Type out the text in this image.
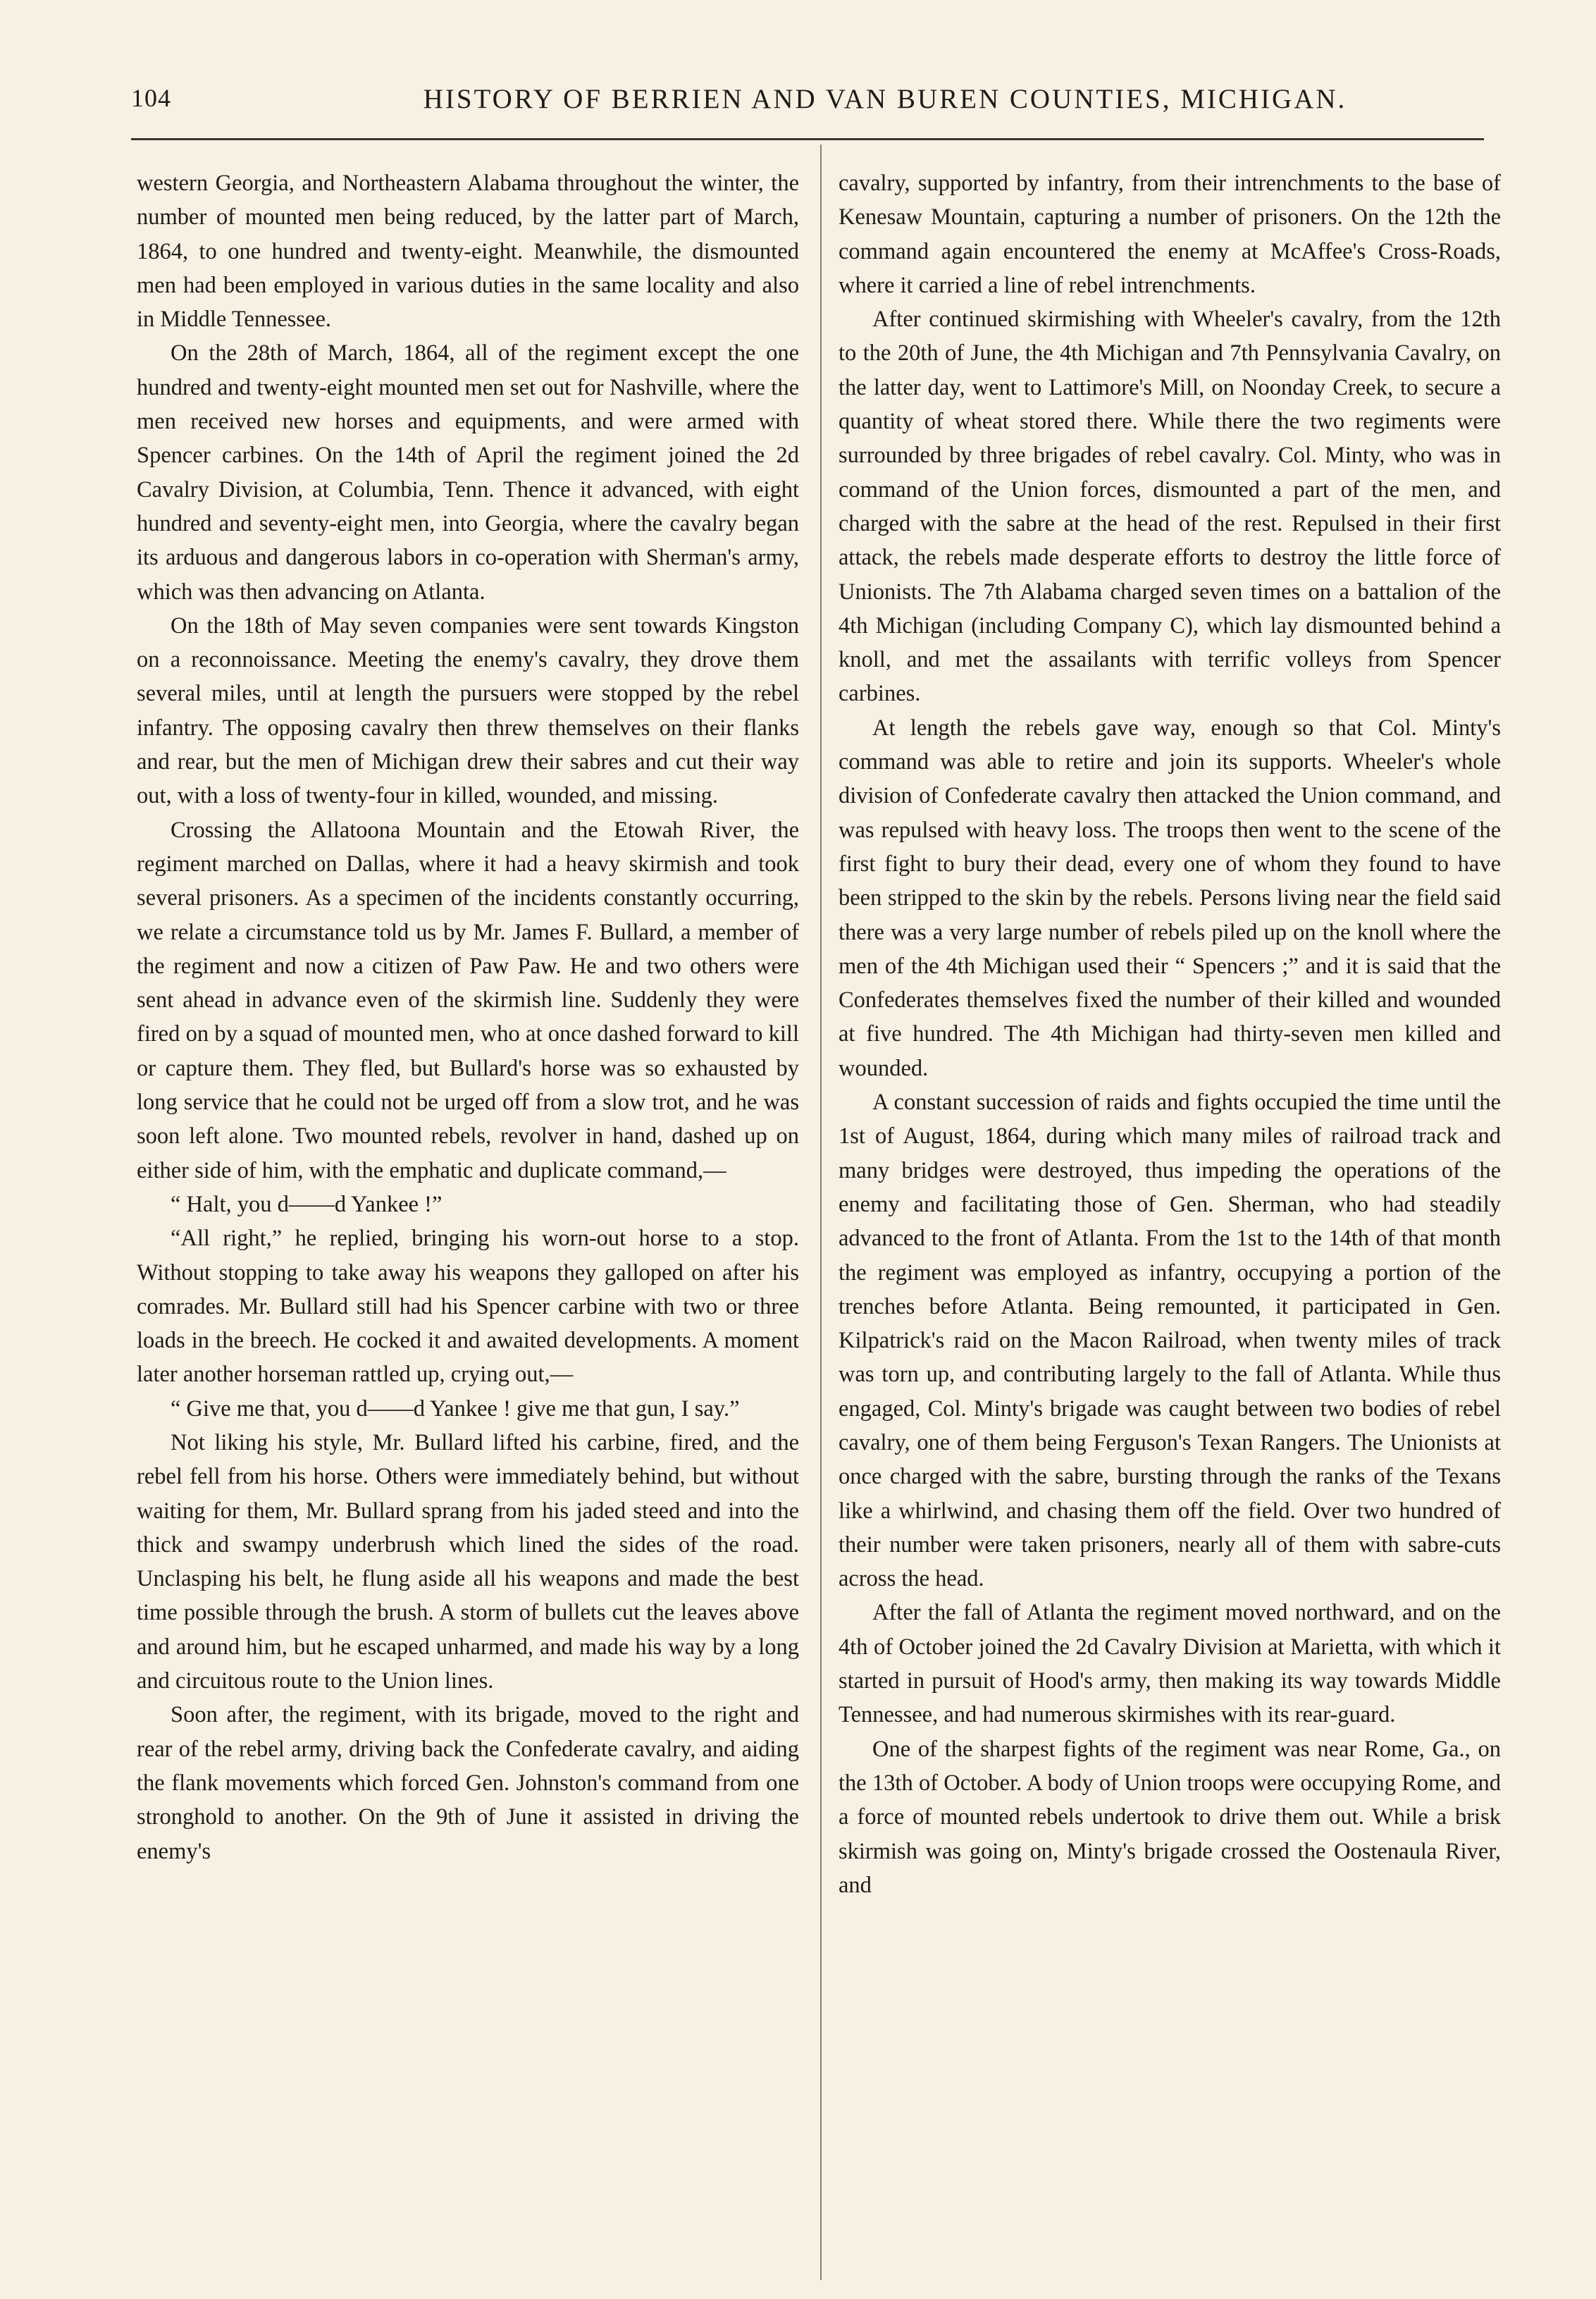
104	HISTORY OF BERRIEN AND VAN BUREN COUNTIES, MICHIGAN.

western Georgia, and Northeastern Alabama throughout the winter, the number of mounted men being reduced, by the latter part of March, 1864, to one hundred and twenty-eight. Meanwhile, the dismounted men had been employed in various duties in the same locality and also in Middle Tennessee.

On the 28th of March, 1864, all of the regiment except the one hundred and twenty-eight mounted men set out for Nashville, where the men received new horses and equipments, and were armed with Spencer carbines. On the 14th of April the regiment joined the 2d Cavalry Division, at Columbia, Tenn. Thence it advanced, with eight hundred and seventy-eight men, into Georgia, where the cavalry began its arduous and dangerous labors in co-operation with Sherman's army, which was then advancing on Atlanta.

On the 18th of May seven companies were sent towards Kingston on a reconnoissance. Meeting the enemy's cavalry, they drove them several miles, until at length the pursuers were stopped by the rebel infantry. The opposing cavalry then threw themselves on their flanks and rear, but the men of Michigan drew their sabres and cut their way out, with a loss of twenty-four in killed, wounded, and missing.

Crossing the Allatoona Mountain and the Etowah River, the regiment marched on Dallas, where it had a heavy skirmish and took several prisoners. As a specimen of the incidents constantly occurring, we relate a circumstance told us by Mr. James F. Bullard, a member of the regiment and now a citizen of Paw Paw. He and two others were sent ahead in advance even of the skirmish line. Suddenly they were fired on by a squad of mounted men, who at once dashed forward to kill or capture them. They fled, but Bullard's horse was so exhausted by long service that he could not be urged off from a slow trot, and he was soon left alone. Two mounted rebels, revolver in hand, dashed up on either side of him, with the emphatic and duplicate command,—

“ Halt, you d——d Yankee !”

“All right,” he replied, bringing his worn-out horse to a stop. Without stopping to take away his weapons they galloped on after his comrades. Mr. Bullard still had his Spencer carbine with two or three loads in the breech. He cocked it and awaited developments. A moment later another horseman rattled up, crying out,—

“ Give me that, you d——d Yankee ! give me that gun, I say.”

Not liking his style, Mr. Bullard lifted his carbine, fired, and the rebel fell from his horse. Others were immediately behind, but without waiting for them, Mr. Bullard sprang from his jaded steed and into the thick and swampy underbrush which lined the sides of the road. Unclasping his belt, he flung aside all his weapons and made the best time possible through the brush. A storm of bullets cut the leaves above and around him, but he escaped unharmed, and made his way by a long and circuitous route to the Union lines.

Soon after, the regiment, with its brigade, moved to the right and rear of the rebel army, driving back the Confederate cavalry, and aiding the flank movements which forced Gen. Johnston's command from one stronghold to another. On the 9th of June it assisted in driving the enemy's

cavalry, supported by infantry, from their intrenchments to the base of Kenesaw Mountain, capturing a number of prisoners. On the 12th the command again encountered the enemy at McAffee's Cross-Roads, where it carried a line of rebel intrenchments.

After continued skirmishing with Wheeler's cavalry, from the 12th to the 20th of June, the 4th Michigan and 7th Pennsylvania Cavalry, on the latter day, went to Lattimore's Mill, on Noonday Creek, to secure a quantity of wheat stored there. While there the two regiments were surrounded by three brigades of rebel cavalry. Col. Minty, who was in command of the Union forces, dismounted a part of the men, and charged with the sabre at the head of the rest. Repulsed in their first attack, the rebels made desperate efforts to destroy the little force of Unionists. The 7th Alabama charged seven times on a battalion of the 4th Michigan (including Company C), which lay dismounted behind a knoll, and met the assailants with terrific volleys from Spencer carbines.

At length the rebels gave way, enough so that Col. Minty's command was able to retire and join its supports. Wheeler's whole division of Confederate cavalry then attacked the Union command, and was repulsed with heavy loss. The troops then went to the scene of the first fight to bury their dead, every one of whom they found to have been stripped to the skin by the rebels. Persons living near the field said there was a very large number of rebels piled up on the knoll where the men of the 4th Michigan used their “ Spencers ;” and it is said that the Confederates themselves fixed the number of their killed and wounded at five hundred. The 4th Michigan had thirty-seven men killed and wounded.

A constant succession of raids and fights occupied the time until the 1st of August, 1864, during which many miles of railroad track and many bridges were destroyed, thus impeding the operations of the enemy and facilitating those of Gen. Sherman, who had steadily advanced to the front of Atlanta. From the 1st to the 14th of that month the regiment was employed as infantry, occupying a portion of the trenches before Atlanta. Being remounted, it participated in Gen. Kilpatrick's raid on the Macon Railroad, when twenty miles of track was torn up, and contributing largely to the fall of Atlanta. While thus engaged, Col. Minty's brigade was caught between two bodies of rebel cavalry, one of them being Ferguson's Texan Rangers. The Unionists at once charged with the sabre, bursting through the ranks of the Texans like a whirlwind, and chasing them off the field. Over two hundred of their number were taken prisoners, nearly all of them with sabre-cuts across the head.

After the fall of Atlanta the regiment moved northward, and on the 4th of October joined the 2d Cavalry Division at Marietta, with which it started in pursuit of Hood's army, then making its way towards Middle Tennessee, and had numerous skirmishes with its rear-guard.

One of the sharpest fights of the regiment was near Rome, Ga., on the 13th of October. A body of Union troops were occupying Rome, and a force of mounted rebels undertook to drive them out. While a brisk skirmish was going on, Minty's brigade crossed the Oostenaula River, and
